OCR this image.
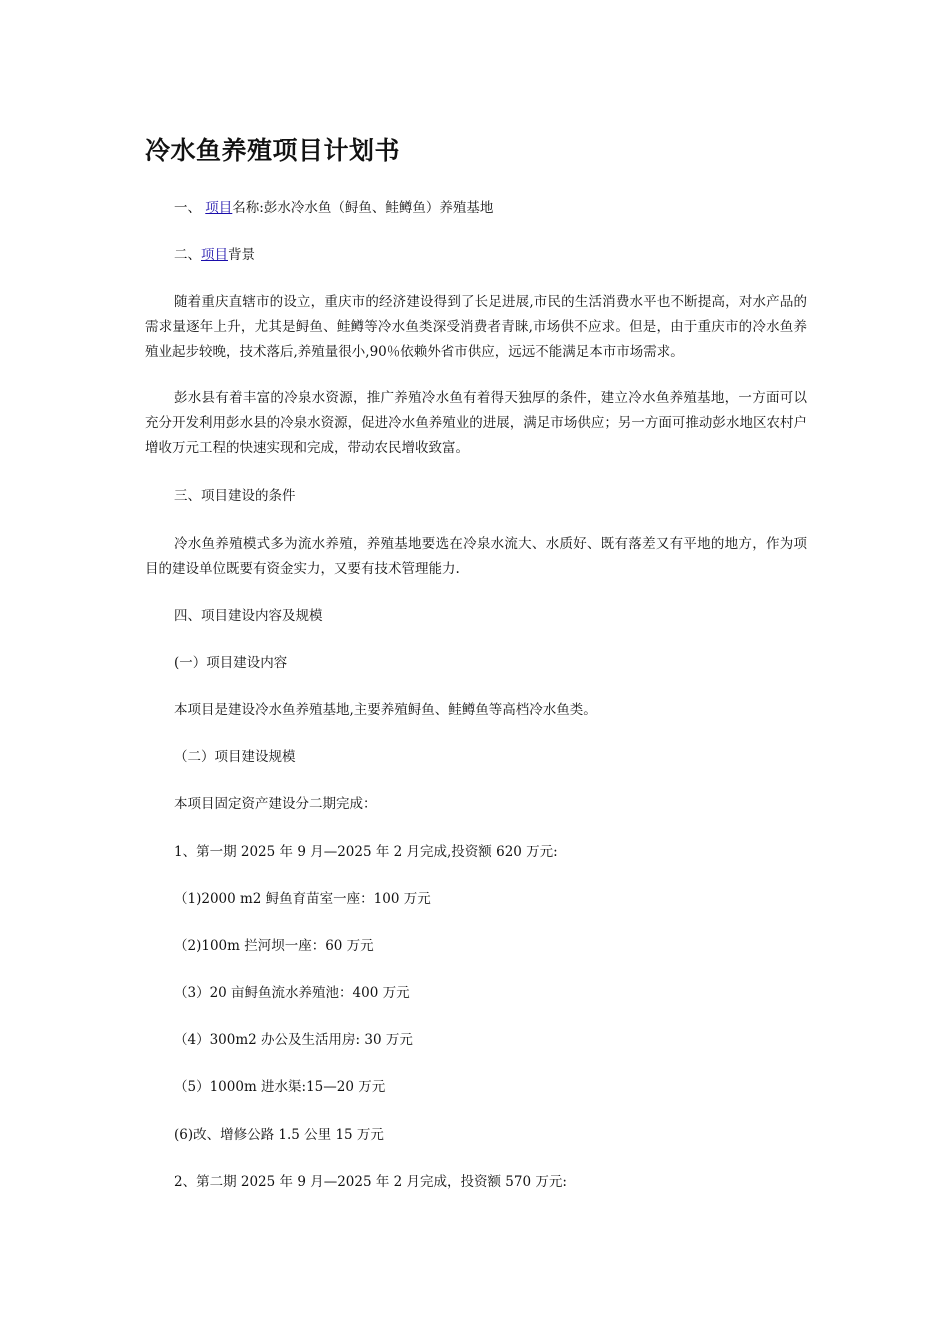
冷水鱼养殖项目计划书

一、 项目名称:彭水冷水鱼（鲟鱼、鲑鳟鱼）养殖基地

二、项目背景

随着重庆直辖市的设立，重庆市的经济建设得到了长足进展,市民的生活消费水平也不断提高，对水产品的需求量逐年上升，尤其是鲟鱼、鲑鳟等冷水鱼类深受消费者青睐,市场供不应求。但是，由于重庆市的冷水鱼养殖业起步较晚，技术落后,养殖量很小,90％依赖外省市供应，远远不能满足本市市场需求。

彭水县有着丰富的冷泉水资源，推广养殖冷水鱼有着得天独厚的条件，建立冷水鱼养殖基地，一方面可以充分开发利用彭水县的冷泉水资源，促进冷水鱼养殖业的进展，满足市场供应；另一方面可推动彭水地区农村户增收万元工程的快速实现和完成，带动农民增收致富。

三、项目建设的条件

冷水鱼养殖模式多为流水养殖，养殖基地要选在冷泉水流大、水质好、既有落差又有平地的地方，作为项目的建设单位既要有资金实力，又要有技术管理能力.

四、项目建设内容及规模

(一）项目建设内容

本项目是建设冷水鱼养殖基地,主要养殖鲟鱼、鲑鳟鱼等高档冷水鱼类。

（二）项目建设规模

本项目固定资产建设分二期完成：

1、第一期 2025 年 9 月—2025 年 2 月完成,投资额 620 万元:

（1)2000 m2 鲟鱼育苗室一座：100 万元

（2)100m 拦河坝一座：60 万元

（3）20 亩鲟鱼流水养殖池：400 万元

（4）300m2 办公及生活用房: 30 万元

（5）1000m 进水渠:15—20 万元

(6)改、增修公路 1.5 公里 15 万元

2、第二期 2025 年 9 月—2025 年 2 月完成，投资额 570 万元:
